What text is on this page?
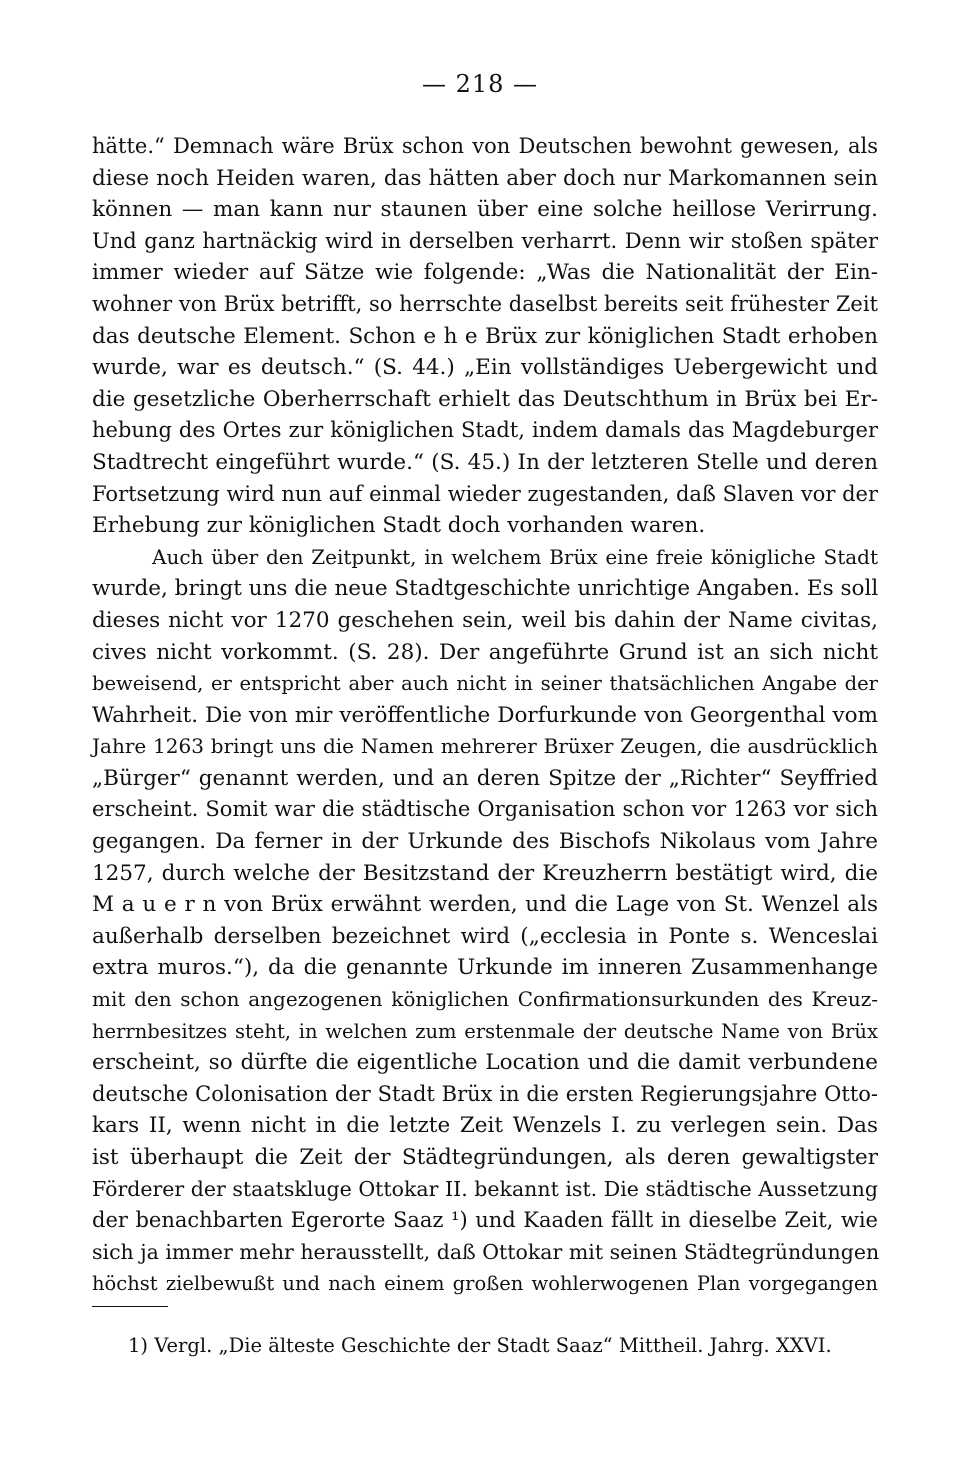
— 218 —
hätte.“ Demnach wäre Brüx schon von Deutschen bewohnt gewesen, als
diese noch Heiden waren, das hätten aber doch nur Markomannen sein
können — man kann nur staunen über eine solche heillose Verirrung.
Und ganz hartnäckig wird in derselben verharrt. Denn wir stoßen später
immer wieder auf Sätze wie folgende: „Was die Nationalität der Ein-
wohner von Brüx betrifft, so herrschte daselbst bereits seit frühester Zeit
das deutsche Element. Schon e h e Brüx zur königlichen Stadt erhoben
wurde, war es deutsch.“ (S. 44.) „Ein vollständiges Uebergewicht und
die gesetzliche Oberherrschaft erhielt das Deutschthum in Brüx bei Er-
hebung des Ortes zur königlichen Stadt, indem damals das Magdeburger
Stadtrecht eingeführt wurde.“ (S. 45.) In der letzteren Stelle und deren
Fortsetzung wird nun auf einmal wieder zugestanden, daß Slaven vor der
Erhebung zur königlichen Stadt doch vorhanden waren.
Auch über den Zeitpunkt, in welchem Brüx eine freie königliche Stadt
wurde, bringt uns die neue Stadtgeschichte unrichtige Angaben. Es soll
dieses nicht vor 1270 geschehen sein, weil bis dahin der Name civitas,
cives nicht vorkommt. (S. 28). Der angeführte Grund ist an sich nicht
beweisend, er entspricht aber auch nicht in seiner thatsächlichen Angabe der
Wahrheit. Die von mir veröffentliche Dorfurkunde von Georgenthal vom
Jahre 1263 bringt uns die Namen mehrerer Brüxer Zeugen, die ausdrücklich
„Bürger“ genannt werden, und an deren Spitze der „Richter“ Seyffried
erscheint. Somit war die städtische Organisation schon vor 1263 vor sich
gegangen. Da ferner in der Urkunde des Bischofs Nikolaus vom Jahre
1257, durch welche der Besitzstand der Kreuzherrn bestätigt wird, die
M a u e r n von Brüx erwähnt werden, und die Lage von St. Wenzel als
außerhalb derselben bezeichnet wird („ecclesia in Ponte s. Wenceslai
extra muros.“), da die genannte Urkunde im inneren Zusammenhange
mit den schon angezogenen königlichen Confirmationsurkunden des Kreuz-
herrnbesitzes steht, in welchen zum erstenmale der deutsche Name von Brüx
erscheint, so dürfte die eigentliche Location und die damit verbundene
deutsche Colonisation der Stadt Brüx in die ersten Regierungsjahre Otto-
kars II, wenn nicht in die letzte Zeit Wenzels I. zu verlegen sein. Das
ist überhaupt die Zeit der Städtegründungen, als deren gewaltigster
Förderer der staatskluge Ottokar II. bekannt ist. Die städtische Aussetzung
der benachbarten Egerorte Saaz ¹) und Kaaden fällt in dieselbe Zeit, wie
sich ja immer mehr herausstellt, daß Ottokar mit seinen Städtegründungen
höchst zielbewußt und nach einem großen wohlerwogenen Plan vorgegangen
1) Vergl. „Die älteste Geschichte der Stadt Saaz“ Mittheil. Jahrg. XXVI.
